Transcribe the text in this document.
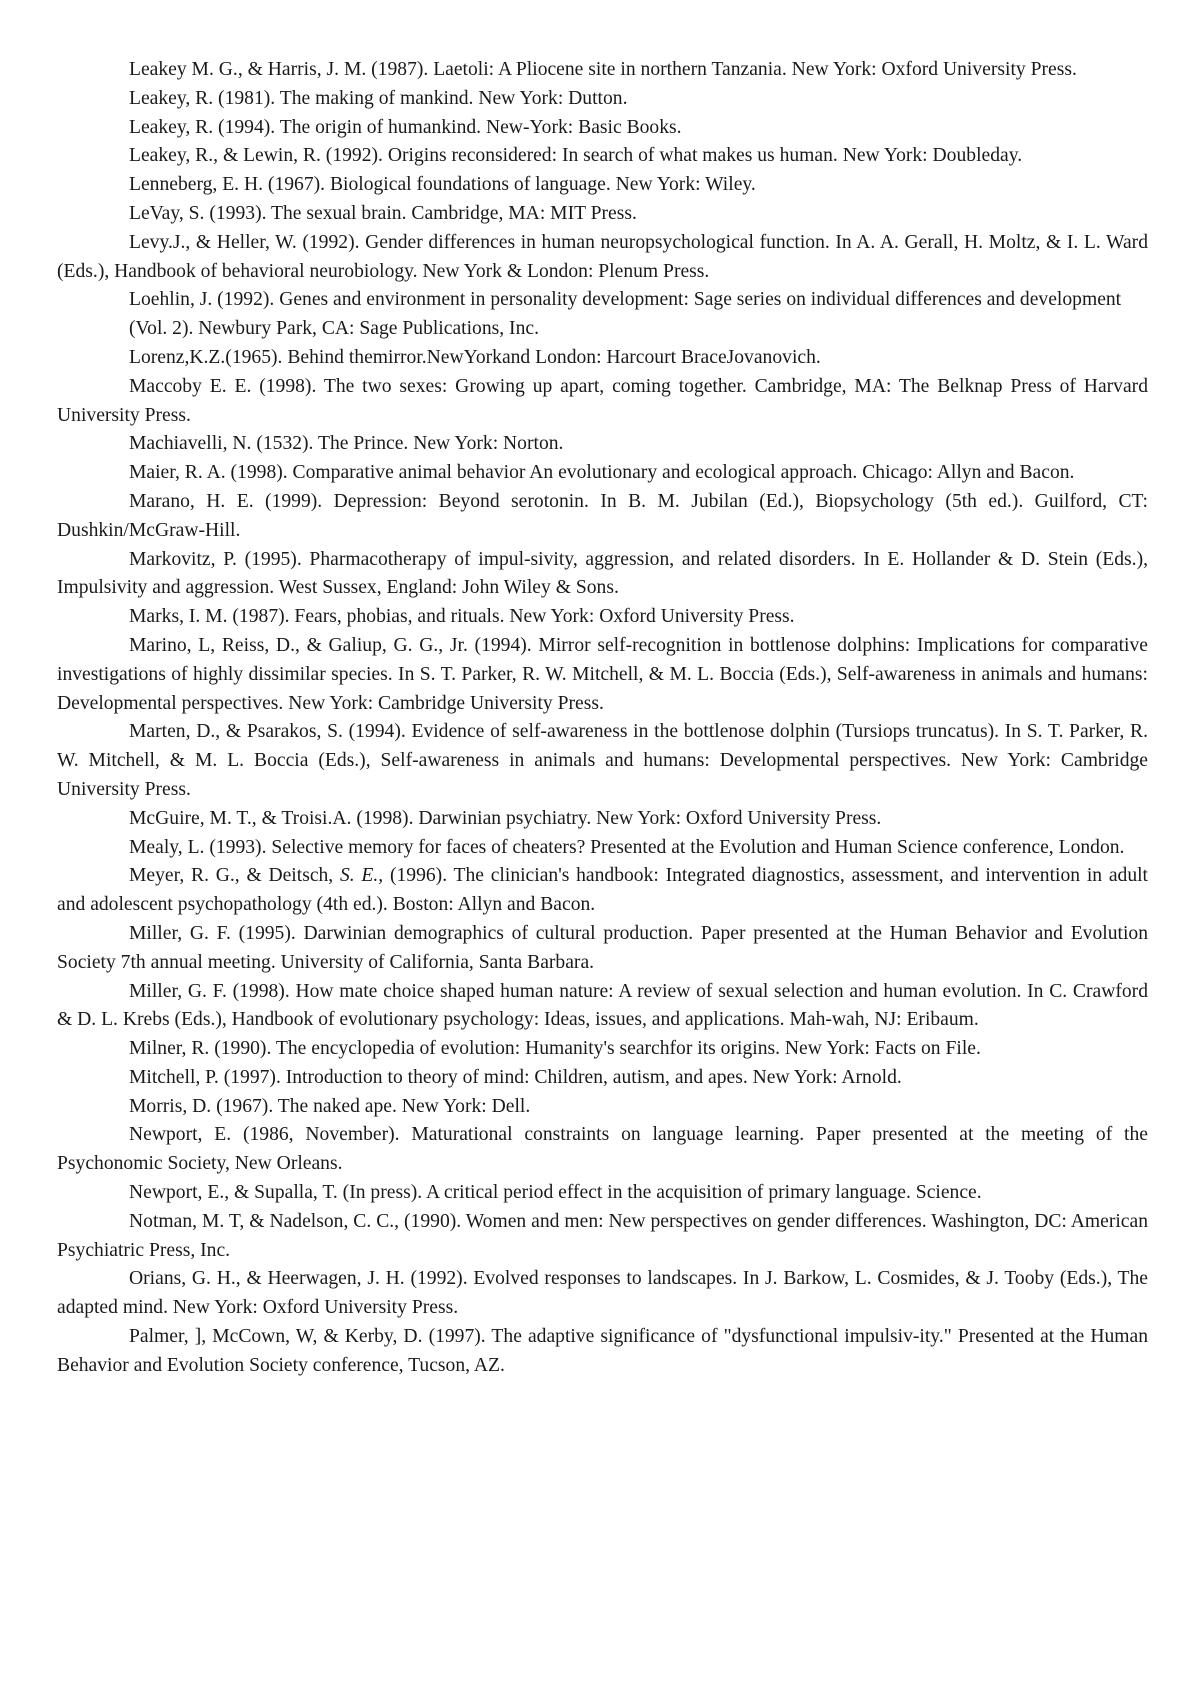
Leakey M. G., & Harris, J. M. (1987). Laetoli: A Pliocene site in northern Tanzania. New York: Oxford University Press.
Leakey, R. (1981). The making of mankind. New York: Dutton.
Leakey, R. (1994). The origin of humankind. New-York: Basic Books.
Leakey, R., & Lewin, R. (1992). Origins reconsidered: In search of what makes us human. New York: Doubleday.
Lenneberg, E. H. (1967). Biological foundations of language. New York: Wiley.
LeVay, S. (1993). The sexual brain. Cambridge, MA: MIT Press.
Levy.J., & Heller, W. (1992). Gender differences in human neuropsychological function. In A. A. Gerall, H. Moltz, & I. L. Ward (Eds.), Handbook of behavioral neurobiology. New York & London: Plenum Press.
Loehlin, J. (1992). Genes and environment in personality development: Sage series on individual differences and development (Vol. 2). Newbury Park, CA: Sage Publications, Inc.
Lorenz,K.Z.(1965). Behind themirror.NewYorkand London: Harcourt BraceJovanovich.
Maccoby E. E. (1998). The two sexes: Growing up apart, coming together. Cambridge, MA: The Belknap Press of Harvard University Press.
Machiavelli, N. (1532). The Prince. New York: Norton.
Maier, R. A. (1998). Comparative animal behavior An evolutionary and ecological approach. Chicago: Allyn and Bacon.
Marano, H. E. (1999). Depression: Beyond serotonin. In B. M. Jubilan (Ed.), Biopsychology (5th ed.). Guilford, CT: Dushkin/McGraw-Hill.
Markovitz, P. (1995). Pharmacotherapy of impul-sivity, aggression, and related disorders. In E. Hollander & D. Stein (Eds.), Impulsivity and aggression. West Sussex, England: John Wiley & Sons.
Marks, I. M. (1987). Fears, phobias, and rituals. New York: Oxford University Press.
Marino, L, Reiss, D., & Galiup, G. G., Jr. (1994). Mirror self-recognition in bottlenose dolphins: Implications for comparative investigations of highly dissimilar species. In S. T. Parker, R. W. Mitchell, & M. L. Boccia (Eds.), Self-awareness in animals and humans: Developmental perspectives. New York: Cambridge University Press.
Marten, D., & Psarakos, S. (1994). Evidence of self-awareness in the bottlenose dolphin (Tursiops truncatus). In S. T. Parker, R. W. Mitchell, & M. L. Boccia (Eds.), Self-awareness in animals and humans: Developmental perspectives. New York: Cambridge University Press.
McGuire, M. T., & Troisi.A. (1998). Darwinian psychiatry. New York: Oxford University Press.
Mealy, L. (1993). Selective memory for faces of cheaters? Presented at the Evolution and Human Science conference, London.
Meyer, R. G., & Deitsch, S. E., (1996). The clinician's handbook: Integrated diagnostics, assessment, and intervention in adult and adolescent psychopathology (4th ed.). Boston: Allyn and Bacon.
Miller, G. F. (1995). Darwinian demographics of cultural production. Paper presented at the Human Behavior and Evolution Society 7th annual meeting. University of California, Santa Barbara.
Miller, G. F. (1998). How mate choice shaped human nature: A review of sexual selection and human evolution. In C. Crawford & D. L. Krebs (Eds.), Handbook of evolutionary psychology: Ideas, issues, and applications. Mah-wah, NJ: Eribaum.
Milner, R. (1990). The encyclopedia of evolution: Humanity's searchfor its origins. New York: Facts on File.
Mitchell, P. (1997). Introduction to theory of mind: Children, autism, and apes. New York: Arnold.
Morris, D. (1967). The naked ape. New York: Dell.
Newport, E. (1986, November). Maturational constraints on language learning. Paper presented at the meeting of the Psychonomic Society, New Orleans.
Newport, E., & Supalla, T. (In press). A critical period effect in the acquisition of primary language. Science.
Notman, M. T, & Nadelson, C. C., (1990). Women and men: New perspectives on gender differences. Washington, DC: American Psychiatric Press, Inc.
Orians, G. H., & Heerwagen, J. H. (1992). Evolved responses to landscapes. In J. Barkow, L. Cosmides, & J. Tooby (Eds.), The adapted mind. New York: Oxford University Press.
Palmer, ], McCown, W, & Kerby, D. (1997). The adaptive significance of "dysfunctional impulsiv-ity." Presented at the Human Behavior and Evolution Society conference, Tucson, AZ.
